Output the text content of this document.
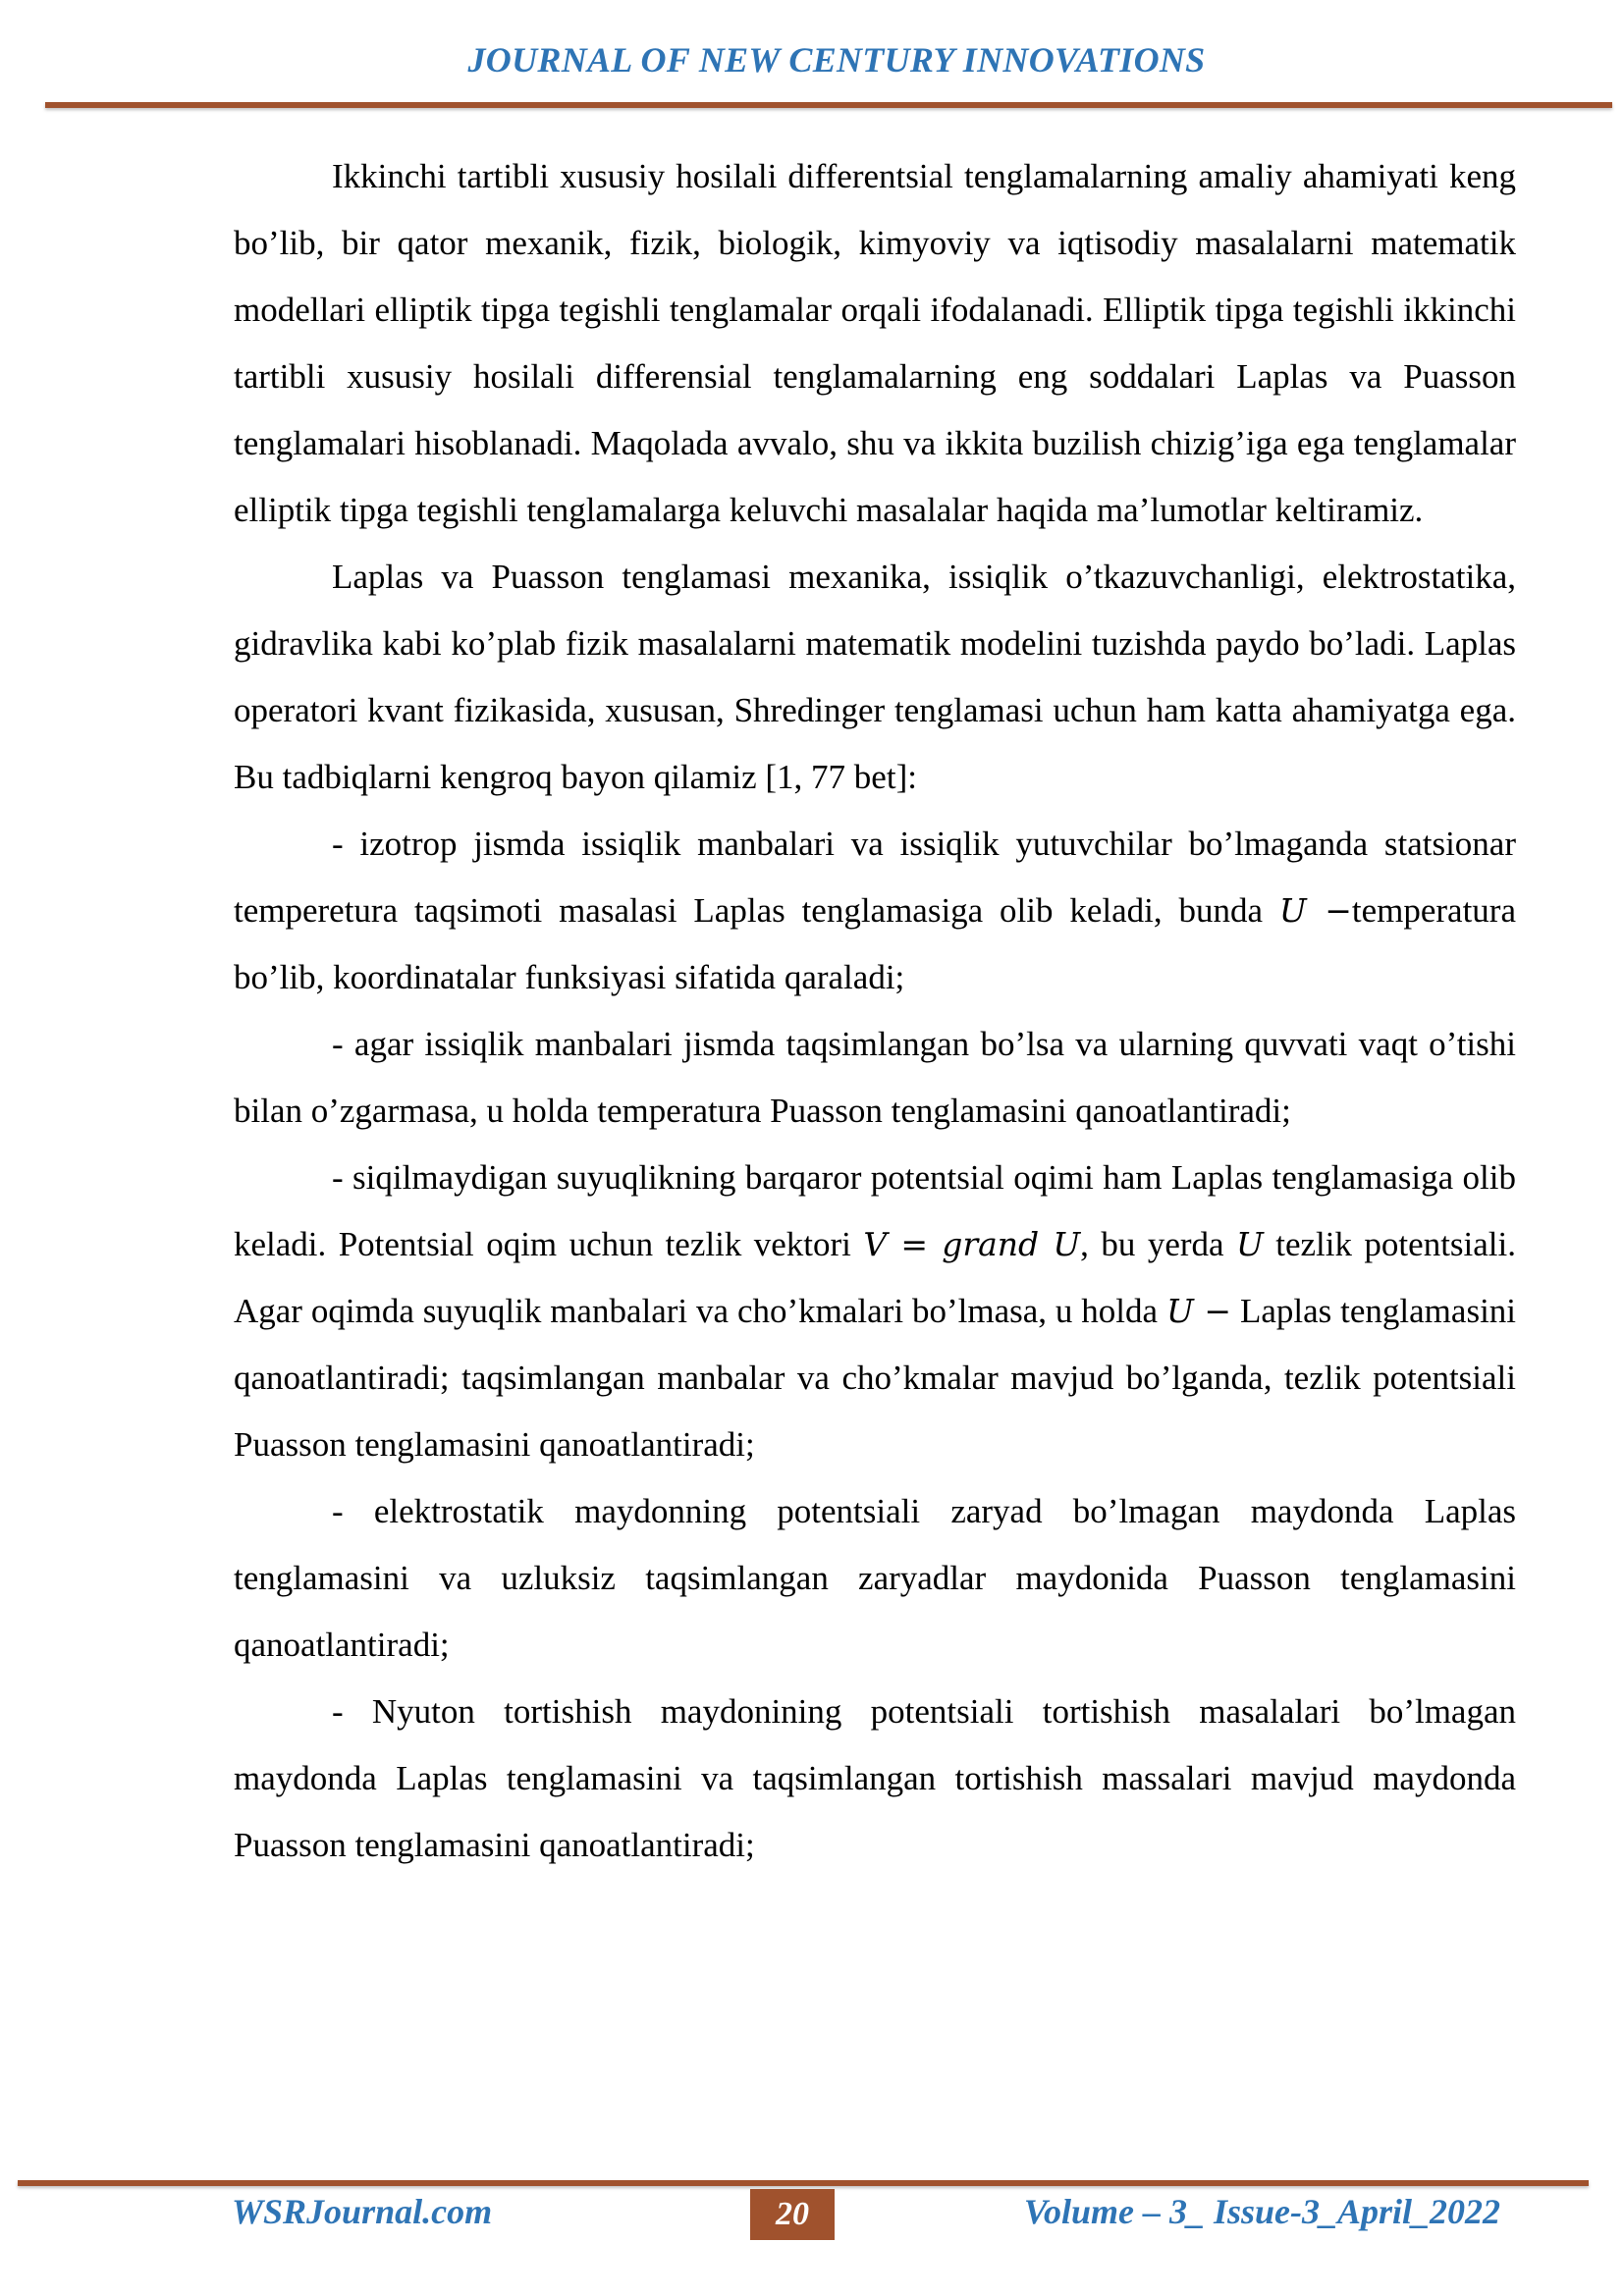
JOURNAL OF NEW CENTURY INNOVATIONS

Ikkinchi tartibli xususiy hosilali differentsial tenglamalarning amaliy ahamiyati keng bo’lib, bir qator mexanik, fizik, biologik, kimyoviy va iqtisodiy masalalarni matematik modellari elliptik tipga tegishli tenglamalar orqali ifodalanadi. Elliptik tipga tegishli ikkinchi tartibli xususiy hosilali differensial tenglamalarning eng soddalari Laplas va Puasson tenglamalari hisoblanadi. Maqolada avvalo, shu va ikkita buzilish chizig’iga ega tenglamalar elliptik tipga tegishli tenglamalarga keluvchi masalalar haqida ma’lumotlar keltiramiz.

Laplas va Puasson tenglamasi mexanika, issiqlik o’tkazuvchanligi, elektrostatika, gidravlika kabi ko’plab fizik masalalarni matematik modelini tuzishda paydo bo’ladi. Laplas operatori kvant fizikasida, xususan, Shredinger tenglamasi uchun ham katta ahamiyatga ega. Bu tadbiqlarni kengroq bayon qilamiz [1, 77 bet]:

- izotrop jismda issiqlik manbalari va issiqlik yutuvchilar bo’lmaganda statsionar temperetura taqsimoti masalasi Laplas tenglamasiga olib keladi, bunda U −temperatura bo’lib, koordinatalar funksiyasi sifatida qaraladi;

- agar issiqlik manbalari jismda taqsimlangan bo’lsa va ularning quvvati vaqt o’tishi bilan o’zgarmasa, u holda temperatura Puasson tenglamasini qanoatlantiradi;

- siqilmaydigan suyuqlikning barqaror potentsial oqimi ham Laplas tenglamasiga olib keladi. Potentsial oqim uchun tezlik vektori V = grand U, bu yerda U tezlik potentsiali. Agar oqimda suyuqlik manbalari va cho’kmalari bo’lmasa, u holda U − Laplas tenglamasini qanoatlantiradi; taqsimlangan manbalar va cho’kmalar mavjud bo’lganda, tezlik potentsiali Puasson tenglamasini qanoatlantiradi;

- elektrostatik maydonning potentsiali zaryad bo’lmagan maydonda Laplas tenglamasini va uzluksiz taqsimlangan zaryadlar maydonida Puasson tenglamasini qanoatlantiradi;

- Nyuton tortishish maydonining potentsiali tortishish masalalari bo’lmagan maydonda Laplas tenglamasini va taqsimlangan tortishish massalari mavjud maydonda Puasson tenglamasini qanoatlantiradi;

WSRJournal.com	20	Volume – 3_ Issue-3_April_2022
